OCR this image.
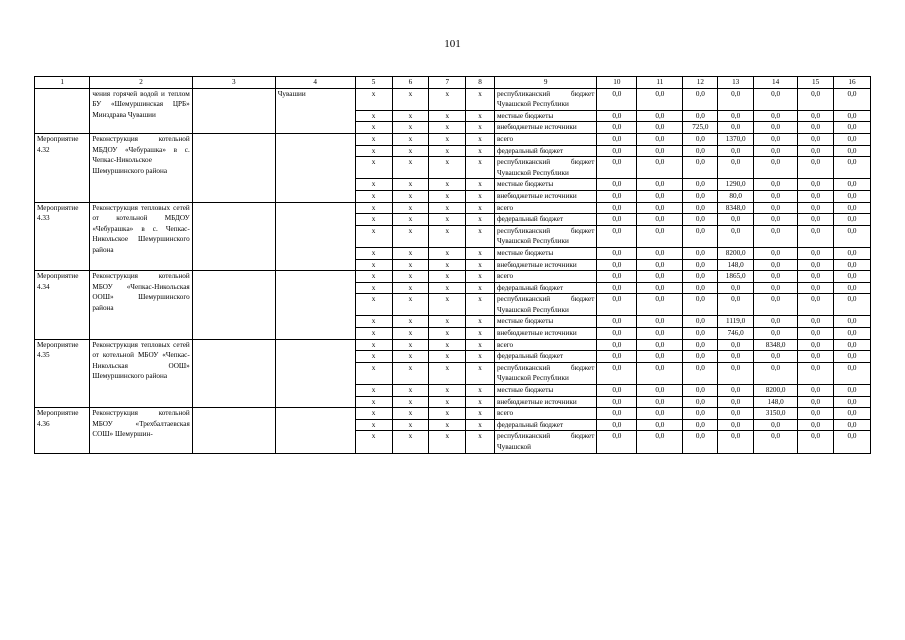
101
1	2	3	4	5	6	7	8	9	10	11	12	13	14	15	16
	чения горячей водой и теплом БУ «Шемуршинская ЦРБ» Минздрава Чувашии		Чувашии	х	х	х	х	республиканский бюджет Чувашской Республики	0,0	0,0	0,0	0,0	0,0	0,0	0,0
				х	х	х	х	местные бюджеты	0,0	0,0	0,0	0,0	0,0	0,0	0,0
				х	х	х	х	внебюджетные источники	0,0	0,0	725,0	0,0	0,0	0,0	0,0
Мероприятие 4.32	Реконструкция котельной МБДОУ «Чебурашка» в с. Чепкас-Никольское Шемуршинского района			х	х	х	х	всего	0,0	0,0	0,0	1370,0	0,0	0,0	0,0
				х	х	х	х	федеральный бюджет	0,0	0,0	0,0	0,0	0,0	0,0	0,0
				х	х	х	х	республиканский бюджет Чувашской Республики	0,0	0,0	0,0	0,0	0,0	0,0	0,0
				х	х	х	х	местные бюджеты	0,0	0,0	0,0	1290,0	0,0	0,0	0,0
				х	х	х	х	внебюджетные источники	0,0	0,0	0,0	80,0	0,0	0,0	0,0
Мероприятие 4.33	Реконструкция тепловых сетей от котельной МБДОУ «Чебурашка» в с. Чепкас-Никольское Шемуршинского района			х	х	х	х	всего	0,0	0,0	0,0	8348,0	0,0	0,0	0,0
				х	х	х	х	федеральный бюджет	0,0	0,0	0,0	0,0	0,0	0,0	0,0
				х	х	х	х	республиканский бюджет Чувашской Республики	0,0	0,0	0,0	0,0	0,0	0,0	0,0
				х	х	х	х	местные бюджеты	0,0	0,0	0,0	8200,0	0,0	0,0	0,0
				х	х	х	х	внебюджетные источники	0,0	0,0	0,0	148,0	0,0	0,0	0,0
Мероприятие 4.34	Реконструкция котельной МБОУ «Чепкас-Никольская ООШ» Шемуршинского района			х	х	х	х	всего	0,0	0,0	0,0	1865,0	0,0	0,0	0,0
				х	х	х	х	федеральный бюджет	0,0	0,0	0,0	0,0	0,0	0,0	0,0
				х	х	х	х	республиканский бюджет Чувашской Республики	0,0	0,0	0,0	0,0	0,0	0,0	0,0
				х	х	х	х	местные бюджеты	0,0	0,0	0,0	1119,0	0,0	0,0	0,0
				х	х	х	х	внебюджетные источники	0,0	0,0	0,0	746,0	0,0	0,0	0,0
Мероприятие 4.35	Реконструкция тепловых сетей от котельной МБОУ «Чепкас-Никольская ООШ» Шемуршинского района			х	х	х	х	всего	0,0	0,0	0,0	0,0	8348,0	0,0	0,0
				х	х	х	х	федеральный бюджет	0,0	0,0	0,0	0,0	0,0	0,0	0,0
				х	х	х	х	республиканский бюджет Чувашской Республики	0,0	0,0	0,0	0,0	0,0	0,0	0,0
				х	х	х	х	местные бюджеты	0,0	0,0	0,0	0,0	8200,0	0,0	0,0
				х	х	х	х	внебюджетные источники	0,0	0,0	0,0	0,0	148,0	0,0	0,0
Мероприятие 4.36	Реконструкция котельной МБОУ «Трехбалтаевская СОШ» Шемуршин-			х	х	х	х	всего	0,0	0,0	0,0	0,0	3150,0	0,0	0,0
				х	х	х	х	федеральный бюджет	0,0	0,0	0,0	0,0	0,0	0,0	0,0
				х	х	х	х	республиканский бюджет Чувашской	0,0	0,0	0,0	0,0	0,0	0,0	0,0
